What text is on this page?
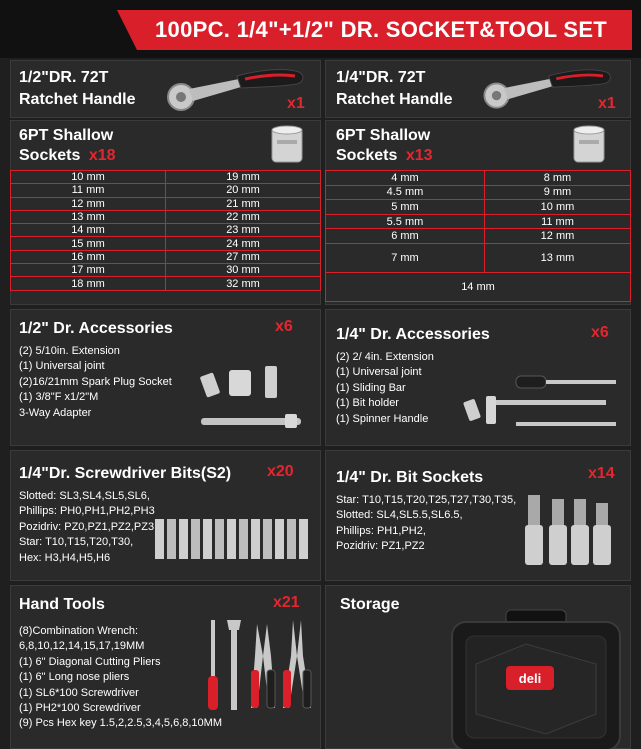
100PC. 1/4"+1/2" DR. SOCKET&TOOL SET
1/2"DR. 72T
Ratchet Handle	x1
1/4"DR. 72T
Ratchet Handle	x1
6PT Shallow
Sockets x18
10 mm	19 mm
11 mm	20 mm
12 mm	21 mm
13 mm	22 mm
14 mm	23 mm
15 mm	24 mm
16 mm	27 mm
17 mm	30 mm
18 mm	32 mm
6PT Shallow
Sockets x13
4 mm	8 mm
4.5 mm	9 mm
5 mm	10 mm
5.5 mm	11 mm
6 mm	12 mm
7 mm	13 mm
14 mm	
1/2" Dr. Accessories	x6
(2) 5/10in. Extension
(1) Universal joint
(2)16/21mm Spark Plug Socket
(1) 3/8"F x1/2"M
3-Way Adapter
1/4" Dr. Accessories	x6
(2) 2/ 4in. Extension
(1) Universal joint
(1) Sliding Bar
(1) Bit holder
(1) Spinner Handle
1/4"Dr. Screwdriver Bits(S2) x20
Slotted: SL3,SL4,SL5,SL6,
Phillips: PH0,PH1,PH2,PH3
Pozidriv: PZ0,PZ1,PZ2,PZ3
Star: T10,T15,T20,T30,
Hex: H3,H4,H5,H6
1/4" Dr. Bit Sockets	x14
Star: T10,T15,T20,T25,T27,T30,T35,
Slotted: SL4,SL5.5,SL6.5,
Phillips: PH1,PH2,
Pozidriv: PZ1,PZ2
Hand Tools	x21
(8)Combination Wrench:
6,8,10,12,14,15,17,19MM
(1) 6" Diagonal Cutting Pliers
(1) 6" Long nose pliers
(1) SL6*100 Screwdriver
(1) PH2*100 Screwdriver
(9) Pcs Hex key 1.5,2,2.5,3,4,5,6,8,10MM
Storage
deli
